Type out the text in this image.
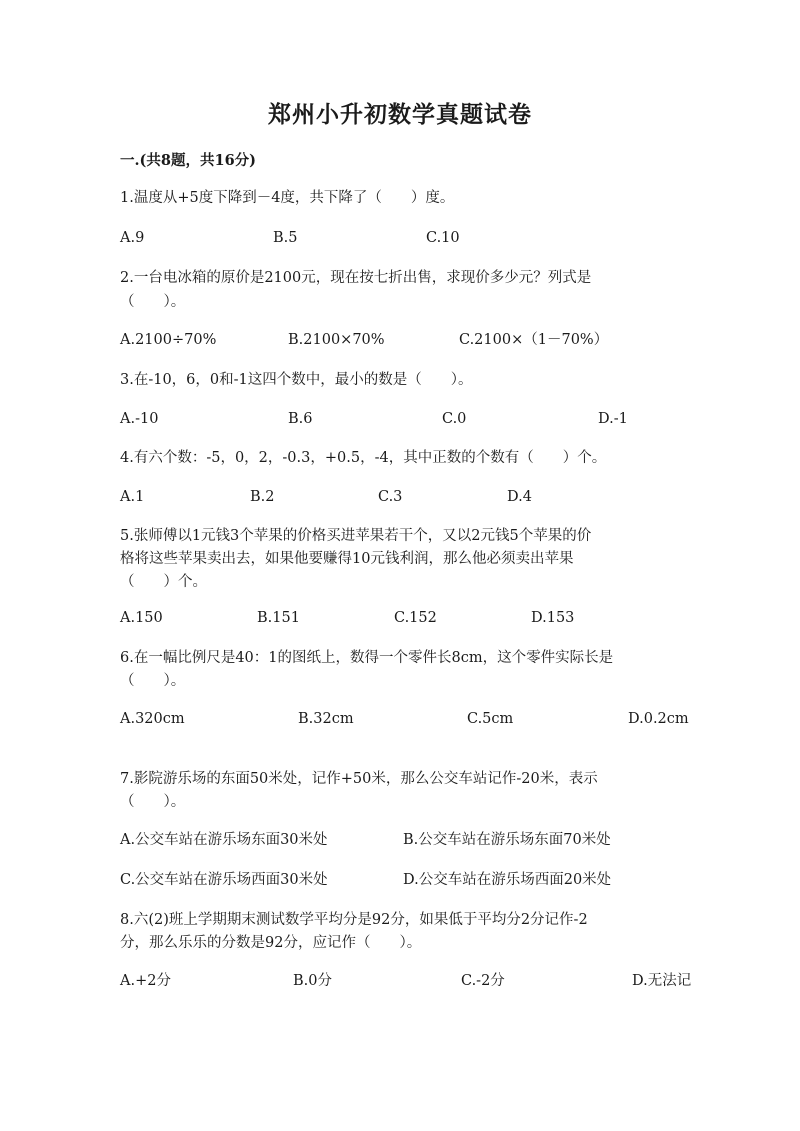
郑州小升初数学真题试卷

一.(共8题，共16分)

1.温度从+5度下降到－4度，共下降了（　　）度。

A.9	B.5	C.10

2.一台电冰箱的原价是2100元，现在按七折出售，求现价多少元？列式是

（　　）。

A.2100÷70%	B.2100×70%	C.2100×（1－70%）

3.在-10，6，0和-1这四个数中，最小的数是（　　）。

A.-10	B.6	C.0	D.-1

4.有六个数：-5，0，2，-0.3，+0.5，-4，其中正数的个数有（　　）个。

A.1	B.2	C.3	D.4

5.张师傅以1元钱3个苹果的价格买进苹果若干个，又以2元钱5个苹果的价

格将这些苹果卖出去，如果他要赚得10元钱利润，那么他必须卖出苹果

（　　）个。

A.150	B.151	C.152	D.153

6.在一幅比例尺是40：1的图纸上，数得一个零件长8cm，这个零件实际长是

（　　）。

A.320cm	B.32cm	C.5cm	D.0.2cm

7.影院游乐场的东面50米处，记作+50米，那么公交车站记作-20米，表示

（　　）。

A.公交车站在游乐场东面30米处	B.公交车站在游乐场东面70米处

C.公交车站在游乐场西面30米处	D.公交车站在游乐场西面20米处

8.六(2)班上学期期末测试数学平均分是92分，如果低于平均分2分记作-2

分，那么乐乐的分数是92分，应记作（　　）。

A.+2分	B.0分	C.-2分	D.无法记
